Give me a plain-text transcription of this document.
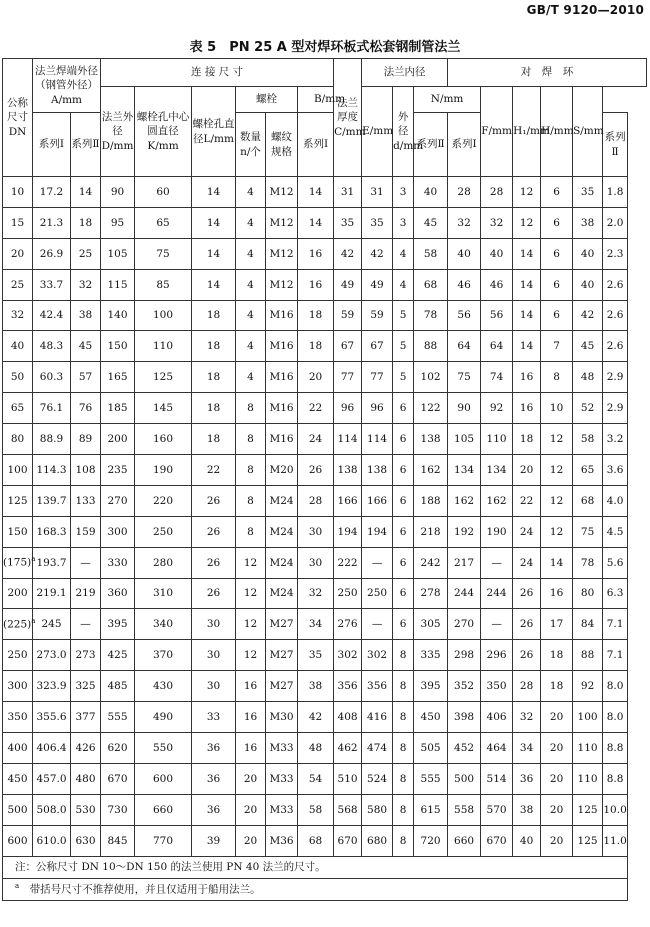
GB/T 9120—2010
表 5　PN 25 A 型对焊环板式松套钢制管法兰
公称尺寸DN	法兰焊端外径（钢管外径）A/mm		连 接 尺 寸						法兰厚度C/mm	法兰内径			对　焊　环					
			法兰外径D/mm	螺栓孔中心圆直径K/mm	螺栓孔直径L/mm	螺栓		B/mm		E/mm	外径d/mm	N/mm		F/mm	H₁/mm	H/mm	S/mm	
	系列Ⅰ	系列Ⅱ				数量n/个	螺纹规格	系列Ⅰ				系列Ⅱ	系列Ⅰ					系列Ⅱ
10	17.2	14	90	60	14	4	M12	14	31	31	3	40	28	28	12	6	35	1.8
15	21.3	18	95	65	14	4	M12	14	35	35	3	45	32	32	12	6	38	2.0
20	26.9	25	105	75	14	4	M12	16	42	42	4	58	40	40	14	6	40	2.3
25	33.7	32	115	85	14	4	M12	16	49	49	4	68	46	46	14	6	40	2.6
32	42.4	38	140	100	18	4	M16	18	59	59	5	78	56	56	14	6	42	2.6
40	48.3	45	150	110	18	4	M16	18	67	67	5	88	64	64	14	7	45	2.6
50	60.3	57	165	125	18	4	M16	20	77	77	5	102	75	74	16	8	48	2.9
65	76.1	76	185	145	18	8	M16	22	96	96	6	122	90	92	16	10	52	2.9
80	88.9	89	200	160	18	8	M16	24	114	114	6	138	105	110	18	12	58	3.2
100	114.3	108	235	190	22	8	M20	26	138	138	6	162	134	134	20	12	65	3.6
125	139.7	133	270	220	26	8	M24	28	166	166	6	188	162	162	22	12	68	4.0
150	168.3	159	300	250	26	8	M24	30	194	194	6	218	192	190	24	12	75	4.5
$(175)^a$	193.7	—	330	280	26	12	M24	30	222	—	6	242	217	—	24	14	78	5.6
200	219.1	219	360	310	26	12	M24	32	250	250	6	278	244	244	26	16	80	6.3
$(225)^a$	245	—	395	340	30	12	M27	34	276	—	6	305	270	—	26	17	84	7.1
250	273.0	273	425	370	30	12	M27	35	302	302	8	335	298	296	26	18	88	7.1
300	323.9	325	485	430	30	16	M27	38	356	356	8	395	352	350	28	18	92	8.0
350	355.6	377	555	490	33	16	M30	42	408	416	8	450	398	406	32	20	100	8.0
400	406.4	426	620	550	36	16	M33	48	462	474	8	505	452	464	34	20	110	8.8
450	457.0	480	670	600	36	20	M33	54	510	524	8	555	500	514	36	20	110	8.8
500	508.0	530	730	660	36	20	M33	58	568	580	8	615	558	570	38	20	125	10.0
600	610.0	630	845	770	39	20	M36	68	670	680	8	720	660	670	40	20	125	11.0
注：公称尺寸 DN 10～DN 150 的法兰使用 PN 40 法兰的尺寸。																		
$^a$　 带括号尺寸不推荐使用，并且仅适用于船用法兰。																		
